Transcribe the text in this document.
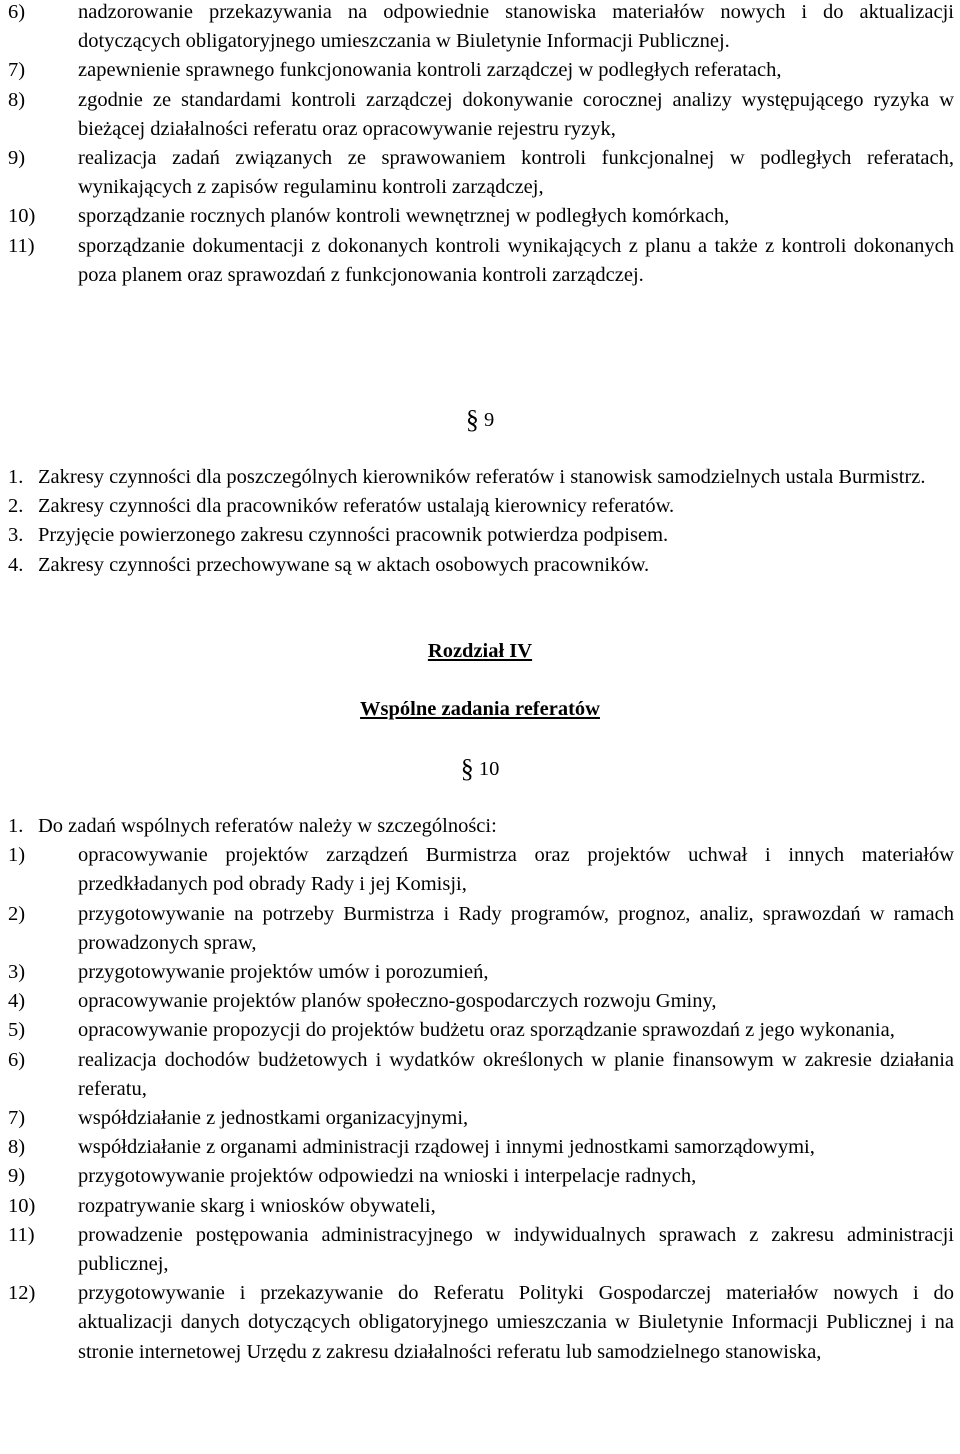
6)	nadzorowanie przekazywania na odpowiednie stanowiska materiałów nowych i do aktualizacji dotyczących obligatoryjnego umieszczania w Biuletynie Informacji Publicznej.
7)	zapewnienie sprawnego funkcjonowania kontroli zarządczej w podległych referatach,
8)	zgodnie ze standardami kontroli zarządczej dokonywanie corocznej analizy występującego ryzyka w bieżącej działalności referatu oraz opracowywanie rejestru ryzyk,
9)	realizacja zadań związanych ze sprawowaniem kontroli funkcjonalnej w podległych referatach, wynikających z zapisów regulaminu kontroli zarządczej,
10) sporządzanie rocznych planów kontroli wewnętrznej w podległych komórkach,
11) sporządzanie dokumentacji z dokonanych kontroli wynikających z planu a także z kontroli dokonanych poza planem oraz sprawozdań z funkcjonowania kontroli zarządczej.
§ 9
1. Zakresy czynności dla poszczególnych kierowników referatów i stanowisk samodzielnych ustala Burmistrz.
2. Zakresy czynności dla pracowników referatów ustalają kierownicy referatów.
3. Przyjęcie powierzonego zakresu czynności pracownik potwierdza podpisem.
4. Zakresy czynności przechowywane są w aktach osobowych pracowników.
Rozdział IV
Wspólne zadania referatów
§ 10
1. Do zadań wspólnych referatów należy w szczególności:
1)	opracowywanie projektów zarządzeń Burmistrza oraz projektów uchwał i innych materiałów przedkładanych pod obrady Rady i jej Komisji,
2)	przygotowywanie na potrzeby Burmistrza i Rady programów, prognoz, analiz, sprawozdań w ramach prowadzonych spraw,
3)	przygotowywanie projektów umów i porozumień,
4)	opracowywanie projektów planów społeczno-gospodarczych rozwoju Gminy,
5)	opracowywanie propozycji do projektów budżetu oraz sporządzanie sprawozdań z jego wykonania,
6)	realizacja dochodów budżetowych i wydatków określonych w planie finansowym w zakresie działania referatu,
7)	współdziałanie z jednostkami organizacyjnymi,
8)	współdziałanie z organami administracji rządowej i innymi jednostkami samorządowymi,
9)	przygotowywanie projektów odpowiedzi na wnioski i interpelacje radnych,
10) rozpatrywanie skarg i wniosków obywateli,
11) prowadzenie postępowania administracyjnego w indywidualnych sprawach z zakresu administracji publicznej,
12) przygotowywanie i przekazywanie do Referatu Polityki Gospodarczej materiałów nowych i do aktualizacji danych dotyczących obligatoryjnego umieszczania w Biuletynie Informacji Publicznej i na stronie internetowej Urzędu z zakresu działalności referatu lub samodzielnego stanowiska,
